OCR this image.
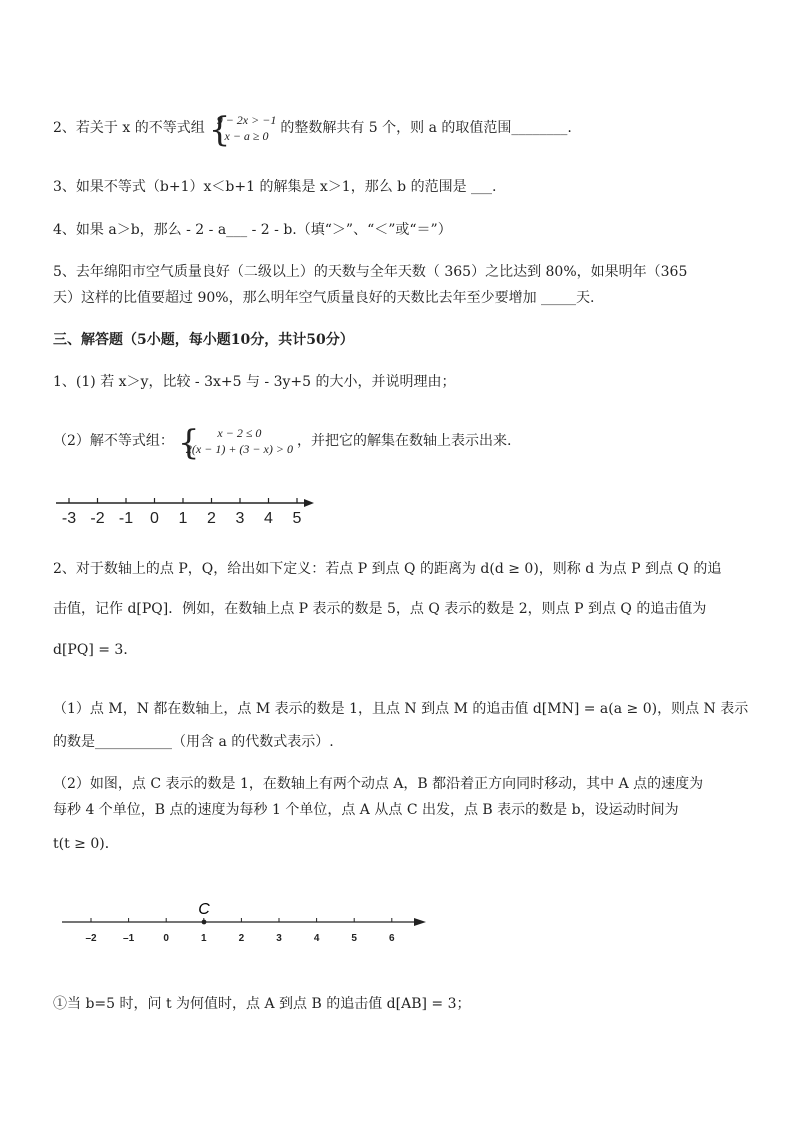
2、若关于 x 的不等式组 {
9 − 2x > −1
x − a ≥ 0 的整数解共有 5 个，则 a 的取值范围________.
3、如果不等式（b+1）x＜b+1 的解集是 x＞1，那么 b 的范围是 ___.
4、如果 a＞b，那么 - 2 - a___ - 2 - b.（填“＞”、“＜”或“＝”）
5、去年绵阳市空气质量良好（二级以上）的天数与全年天数（ 365）之比达到 80%，如果明年（365
天）这样的比值要超过 90%，那么明年空气质量良好的天数比去年至少要增加 _____天.
三、解答题（5小题，每小题10分，共计50分）
1、(1) 若 x＞y，比较 - 3x+5 与 - 3y+5 的大小，并说明理由；
（2）解不等式组： {	x − 2 ≤ 0
2(x − 1) + (3 − x) > 0 ，并把它的解集在数轴上表示出来.
-3 -2 -1 0 1 2 3 4 5
2、对于数轴上的点 P，Q，给出如下定义：若点 P 到点 Q 的距离为 d(d ≥ 0)，则称 d 为点 P 到点 Q 的追
击值，记作 d[PQ]．例如，在数轴上点 P 表示的数是 5，点 Q 表示的数是 2，则点 P 到点 Q 的追击值为
d[PQ] = 3．
（1）点 M，N 都在数轴上，点 M 表示的数是 1，且点 N 到点 M 的追击值 d[MN] = a(a ≥ 0)，则点 N 表示
的数是___________（用含 a 的代数式表示）.
（2）如图，点 C 表示的数是 1，在数轴上有两个动点 A，B 都沿着正方向同时移动，其中 A 点的速度为
每秒 4 个单位，B 点的速度为每秒 1 个单位，点 A 从点 C 出发，点 B 表示的数是 b，设运动时间为
t(t ≥ 0)．
–2	–1	0	1	2	3	4	5	6
C
①当 b=5 时，问 t 为何值时，点 A 到点 B 的追击值 d[AB] = 3；
